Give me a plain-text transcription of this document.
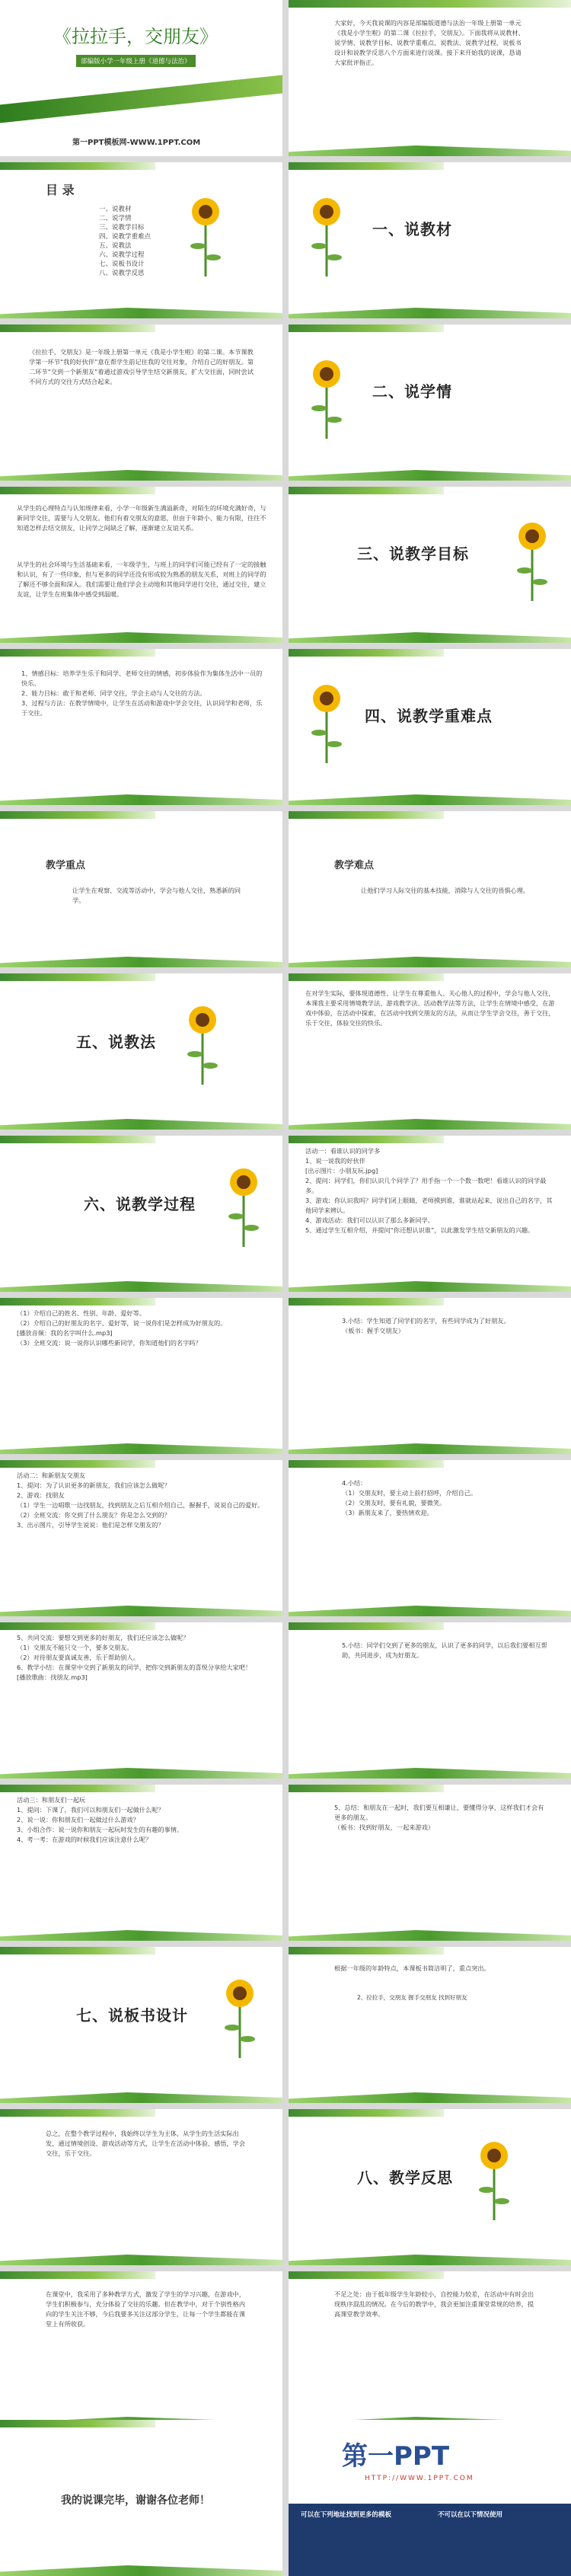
《拉拉手，交朋友》
部编版小学一年级上册《道德与法治》
第一PPT模板网-WWW.1PPT.COM
大家好，今天我说课的内容是部编版道德与法治一年级上册第一单元《我是小学生啦》的第二课《拉拉手，交朋友》。下面我将从说教材、说学情、说教学目标、说教学重难点、说教法、说教学过程、说板书设计和说教学反思八个方面来进行说课。接下来开始我的说课，恳请大家批评指正。
目 录
一、说教材
二、说学情
三、说教学目标
四、说教学重难点
五、说教法
六、说教学过程
七、说板书设计
八、说教学反思
一、说教材
《拉拉手，交朋友》是一年级上册第一单元《我是小学生啦》的第二课。本节课教学第一环节“我的好伙伴”意在帮学生前记住我的交往对象，介绍自己的好朋友。第二环节“交到一个新朋友”着通过游戏引导学生结交新朋友，扩大交往面，同时尝试不同方式的交往方式结合起来。
二、说学情
从学生的心理特点与认知规律来看，小学一年级新生满溢新奇，对陌生的环境充满好奇，与新同学交往，需要与人交朋友。他们有着交朋友的意愿，但由于年龄小、能力有限，往往不知道怎样去结交朋友，让同学之间缺乏了解，逐渐建立友谊关系。
从学生的社会环境与生活基础来看，一年级学生，与班上的同学们可能已经有了一定的接触和认识，有了一些印象，但与更多的同学还没有形成较为熟悉的朋友关系，对班上的同学的了解还不够全面和深入。我们需要让他们学会主动地和其他同学进行交往，通过交往，建立友谊，让学生在班集体中感受到温暖。
三、说教学目标
1、情感目标：培养学生乐于和同学、老师交往的情感，初步体验作为集体生活中一员的快乐。
2、能力目标：敢于和老师、同学交往，学会主动与人交往的方法。
3、过程与方法：在教学情境中，让学生在活动和游戏中学会交往，认识同学和老师，乐于交往。	四、说教学重难点
教学重点
让学生在观察、交流等活动中，学会与他人交往，熟悉新的同学。
教学难点
让他们学习人际交往的基本技能，消除与人交往的畏惧心理。
五、说教法
在对学生实际，要体现道德性、让学生在尊重他人、关心他人的过程中，学会与他人交往，本课我主要采用情境教学法、游戏教学法、活动教学法等方法，让学生在情境中感受，在游戏中体验，在活动中探索，在活动中找到交朋友的方法，从而让学生学会交往，善于交往，乐于交往，体验交往的快乐。
六、说教学过程
活动一：看谁认识的同学多
1、说一说我的好伙伴
[出示图片：小朋友玩.jpg]
2、提问：同学们，你们认识几个同学了？用手指一个一个数一数吧！看谁认识的同学最多。
3、游戏：你认识我吗？同学们闭上眼睛，老师摸到谁，谁就站起来，说出自己的名字，其他同学来辨认。
4、游戏活动：我们可以认识了那么多新同学。
5、通过学生互相介绍，并提问“你还想认识谁”，以此激发学生结交新朋友的兴趣。
（1）介绍自己的姓名、性别、年龄、爱好等。
（2）介绍自己的好朋友的名字、爱好等，说一说你们是怎样成为好朋友的。
[播放音频：我的名字叫什么.mp3]
（3）全班交流：说一说你认识哪些新同学，你知道他们的名字吗？
3.小结：学生知道了同学们的名字，有些同学成为了好朋友。
（板书：握手交朋友）
活动二：和新朋友交朋友
1、提问：为了认识更多的新朋友，我们应该怎么做呢？
2、游戏：找朋友
（1）学生一边唱歌一边找朋友，找到朋友之后互相介绍自己，握握手，说说自己的爱好。
（2）全班交流：你交到了什么朋友？你是怎么交到的？
3、出示图片，引导学生说说：他们是怎样交朋友的？
4.小结：
（1）交朋友时，要主动上前打招呼，介绍自己。
（2）交朋友时，要有礼貌，要微笑。
（3）新朋友来了，要热情欢迎。
5、共同交流：要想交到更多的好朋友，我们还应该怎么做呢？
（1）交朋友不能只交一个，要多交朋友。
（2）对待朋友要真诚友善，乐于帮助别人。
6、教学小结：在课堂中交到了新朋友的同学，把你交到新朋友的喜悦分享给大家吧！
[播放歌曲：找朋友.mp3]
5.小结：同学们交到了更多的朋友，认识了更多的同学，以后我们要相互帮助，共同进步，成为好朋友。
活动三：和朋友们一起玩
1、提问：下课了，我们可以和朋友们一起做什么呢？
2、说一说：你和朋友们一起做过什么游戏？
3、小组合作：说一说你和朋友一起玩时发生的有趣的事情。
4、考一考：在游戏的时候我们应该注意什么呢？
5、总结：和朋友在一起时，我们要互相谦让，要懂得分享，这样我们才会有更多的朋友。
（板书：找到好朋友，一起来游戏）
七、说板书设计
根据一年级的年龄特点，本课板书简洁明了，重点突出。
2、拉拉手，交朋友 握手交朋友 找到好朋友
总之，在整个教学过程中，我始终以学生为主体，从学生的生活实际出发，通过情境创设、游戏活动等方式，让学生在活动中体验、感悟，学会交往，乐于交往。
八、教学反思
在课堂中，我采用了多种教学方式，激发了学生的学习兴趣，在游戏中，学生们积极参与，充分体验了交往的乐趣。但在教学中，对于个别性格内向的学生关注不够，今后我要多关注这部分学生，让每一个学生都能在课堂上有所收获。
不足之处：由于低年级学生年龄较小，自控能力较差，在活动中有时会出现秩序混乱的情况。在今后的教学中，我会更加注重课堂常规的培养，提高课堂教学效率。
我的说课完毕，谢谢各位老师！
第一PPT
HTTP://WWW.1PPT.COM
可以在下列地址找到更多的模板	不可以在以下情况使用
